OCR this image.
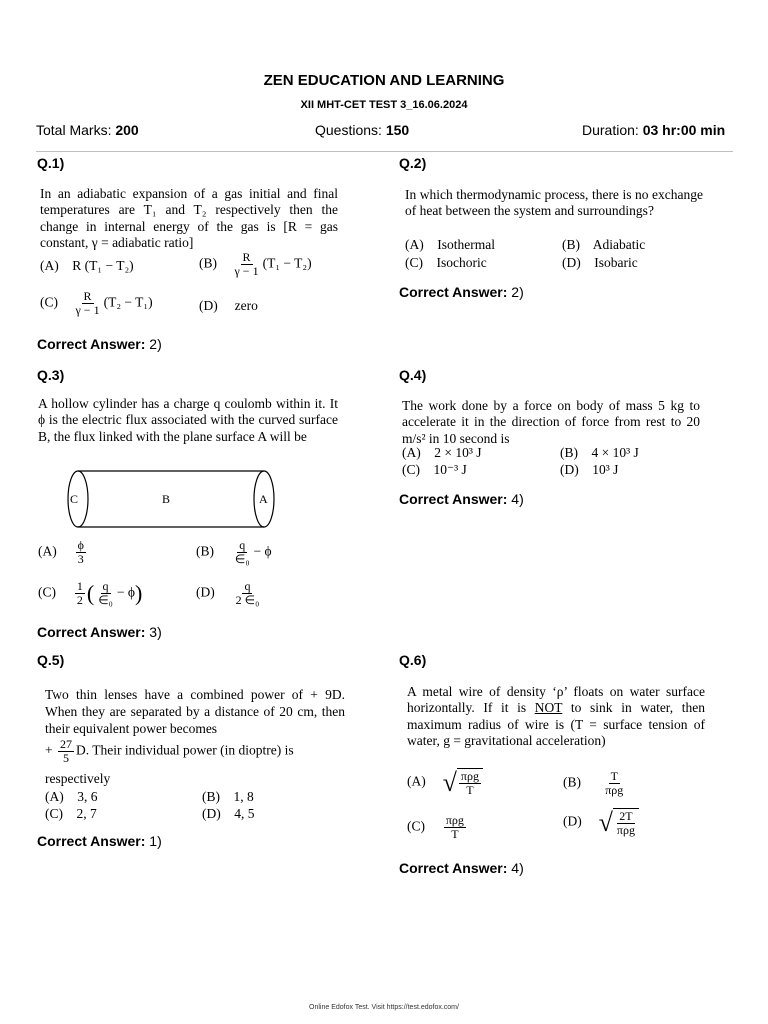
ZEN EDUCATION AND LEARNING
XII MHT-CET TEST 3_16.06.2024
Total Marks: 200	Questions: 150	Duration: 03 hr:00 min
Q.1)
In an adiabatic expansion of a gas initial and final temperatures are T₁ and T₂ respectively then the change in internal energy of the gas is [R = gas constant, γ = adiabatic ratio]
(A) R (T₁ − T₂)	$(B) \frac{R}{\gamma - 1} (T_1 - T_2)$
$(C) \frac{R}{\gamma - 1} (T_2 - T_1)$	(D) zero
Correct Answer: 2)
Q.2)
In which thermodynamic process, there is no exchange of heat between the system and surroundings?
(A) Isothermal	(B) Adiabatic
(C) Isochoric	(D) Isobaric
Correct Answer: 2)
Q.3)
A hollow cylinder has a charge q coulomb within it. It ϕ is the electric flux associated with the curved surface B, the flux linked with the plane surface A will be
C	B	A
$(A) \frac{\phi}{3}$	$(B) \frac{q}{\text{∈₀}} - \phi$
$(C) \frac{1}{2}$ ( $\frac{q}{\text{∈₀}} - \phi$)	$(D) \frac{q}{\text{2 ∈₀}}$
Correct Answer: 3)
Q.4)
The work done by a force on body of mass 5 kg to accelerate it in the direction of force from rest to 20 m/s² in 10 second is
(A) 2 × 10³ J	(B) 4 × 10³ J
(C) 10⁻³ J	(D) 10³ J
Correct Answer: 4)
Q.5)
Two thin lenses have a combined power of + 9D. When they are separated by a distance of 20 cm, then their equivalent power becomes
+ $\frac{27}{5} D$. Their individual power (in dioptre) is
respectively
(A) 3, 6	(B) 1, 8
(C) 2, 7	(D) 4, 5
Correct Answer: 1)
Q.6)
A metal wire of density ‘ρ’ floats on water surface horizontally. If it is NOT to sink in water, then maximum radius of wire is (T = surface tension of water, g = gravitational acceleration)
(A) √ $\frac{\text{πρg}}{T}$	$(B) \frac{T}{\text{πρg}}$
$(C) \frac{\text{πρg}}{T}$	(D) √ $\frac{2T}{\text{πρg}}$
Correct Answer: 4)
Online Edofox Test. Visit https://test.edofox.com/
